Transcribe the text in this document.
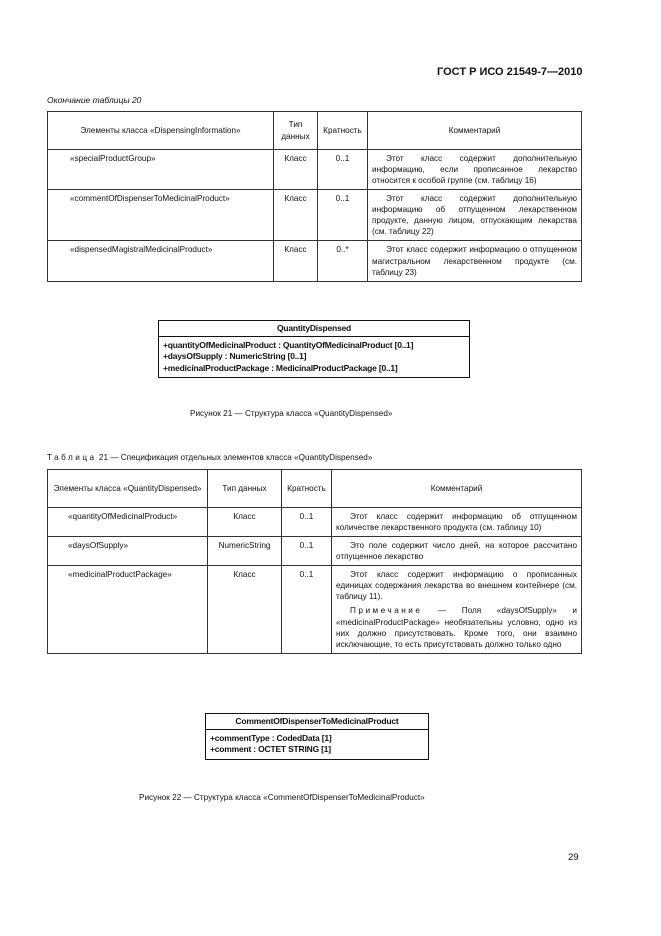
ГОСТ Р ИСО 21549-7—2010
Окончание таблицы 20
Элементы класса «DispensingInformation»	Тип данных	Кратность	Комментарий
«specialProductGroup»	Класс	0..1	Этот класс содержит дополнительную информацию, если прописанное лекарство относится к особой группе (см. таблицу 16)
«commentOfDispenserToMedicinalProduct»	Класс	0..1	Этот класс содержит дополнительную информацию об отпущенном лекарственном продукте, данную лицом, отпускающим лекарства (см. таблицу 22)
«dispensedMagistralMedicinalProduct»	Класс	0..*	Этот класс содержит информацию о отпущенном магистральном лекарственном продукте (см. таблицу 23)
QuantityDispensed
+quantityOfMedicinalProduct : QuantityOfMedicinalProduct [0..1]
+daysOfSupply : NumericString [0..1]
+medicinalProductPackage : MedicinalProductPackage [0..1]
Рисунок 21 — Структура класса «QuantityDispensed»
Таблица 21 — Спецификация отдельных элементов класса «QuantityDispensed»
Элементы класса «QuantityDispensed»	Тип данных	Кратность	Комментарий
«quantityOfMedicinalProduct»	Класс	0..1	Этот класс содержит информацию об отпущенном количестве лекарственного продукта (см. таблицу 10)
«daysOfSupply»	NumericString	0..1	Это поле содержит число дней, на которое рассчитано отпущенное лекарство
«medicinalProductPackage»	Класс	0..1	Этот класс содержит информацию о прописанных единицах содержания лекарства во внешнем контейнере (см. таблицу 11).
Примечание — Поля «daysOfSupply» и «medicinalProductPackage» необязательны условно, одно из них должно присутствовать. Кроме того, они взаимно исключающие, то есть присутствовать должно только одно
CommentOfDispenserToMedicinalProduct
+commentType : CodedData [1]
+comment : OCTET STRING [1]
Рисунок 22 — Структура класса «CommentOfDispenserToMedicinalProduct»
29
